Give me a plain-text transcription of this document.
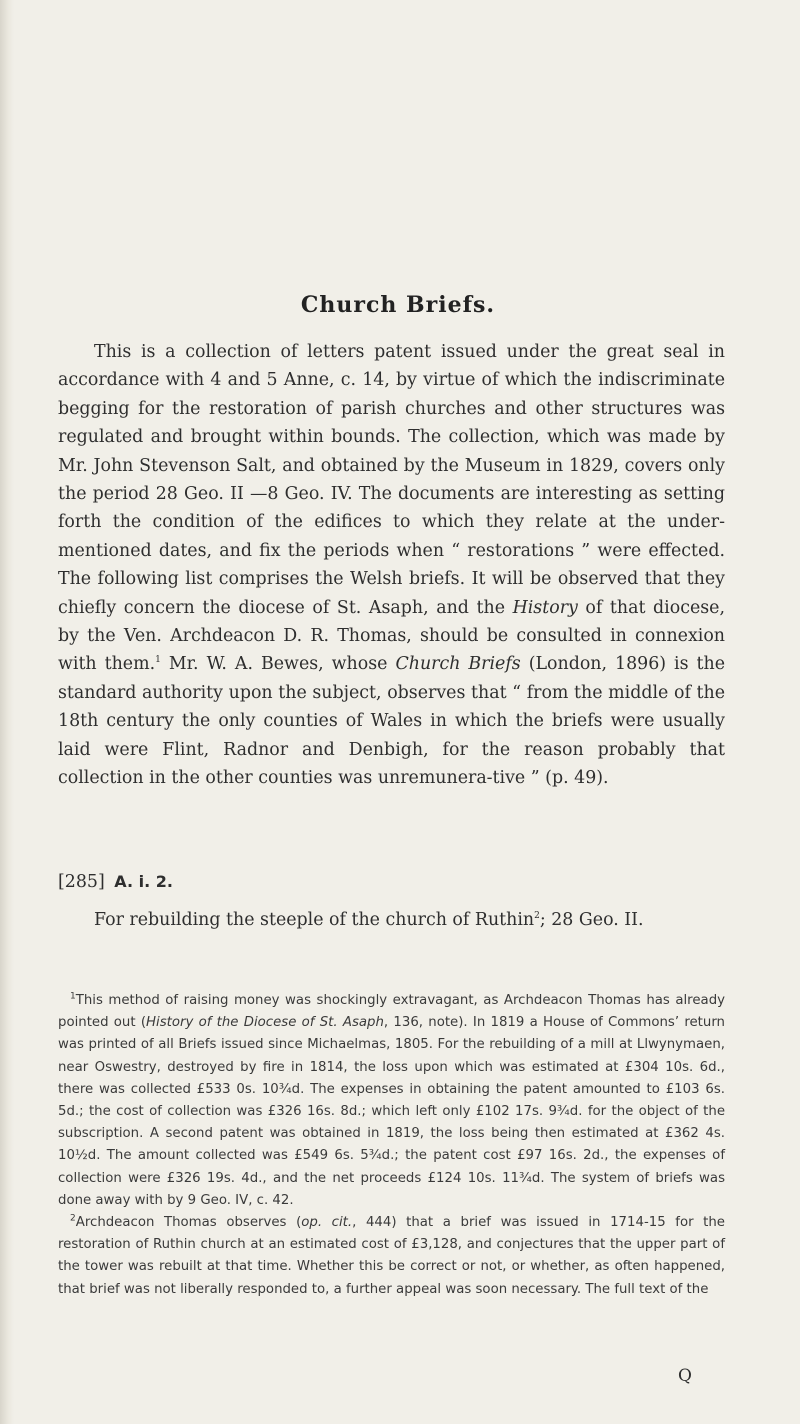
Church Briefs.

This is a collection of letters patent issued under the great seal in accordance with 4 and 5 Anne, c. 14, by virtue of which the indiscriminate begging for the restoration of parish churches and other structures was regulated and brought within bounds. The collection, which was made by Mr. John Stevenson Salt, and obtained by the Museum in 1829, covers only the period 28 Geo. II —8 Geo. IV. The documents are interesting as setting forth the condition of the edifices to which they relate at the under-mentioned dates, and fix the periods when “ restorations ” were effected. The following list comprises the Welsh briefs. It will be observed that they chiefly concern the diocese of St. Asaph, and the History of that diocese, by the Ven. Archdeacon D. R. Thomas, should be consulted in connexion with them.$^1$ Mr. W. A. Bewes, whose Church Briefs (London, 1896) is the standard authority upon the subject, observes that “ from the middle of the 18th century the only counties of Wales in which the briefs were usually laid were Flint, Radnor and Denbigh, for the reason probably that collection in the other counties was unremunera-tive ” (p. 49).

[285] A. i. 2.

For rebuilding the steeple of the church of Ruthin$^2$; 28 Geo. II.

$^1$This method of raising money was shockingly extravagant, as Archdeacon Thomas has already pointed out (History of the Diocese of St. Asaph, 136, note). In 1819 a House of Commons’ return was printed of all Briefs issued since Michaelmas, 1805. For the rebuilding of a mill at Llwynymaen, near Oswestry, destroyed by fire in 1814, the loss upon which was estimated at £304 10s. 6d., there was collected £533 0s. 10¾d. The expenses in obtaining the patent amounted to £103 6s. 5d.; the cost of collection was £326 16s. 8d.; which left only £102 17s. 9¾d. for the object of the subscription. A second patent was obtained in 1819, the loss being then estimated at £362 4s. 10½d. The amount collected was £549 6s. 5¾d.; the patent cost £97 16s. 2d., the expenses of collection were £326 19s. 4d., and the net proceeds £124 10s. 11¾d. The system of briefs was done away with by 9 Geo. IV, c. 42.

$^2$Archdeacon Thomas observes (op. cit., 444) that a brief was issued in 1714-15 for the restoration of Ruthin church at an estimated cost of £3,128, and conjectures that the upper part of the tower was rebuilt at that time. Whether this be correct or not, or whether, as often happened, that brief was not liberally responded to, a further appeal was soon necessary. The full text of the

Q
